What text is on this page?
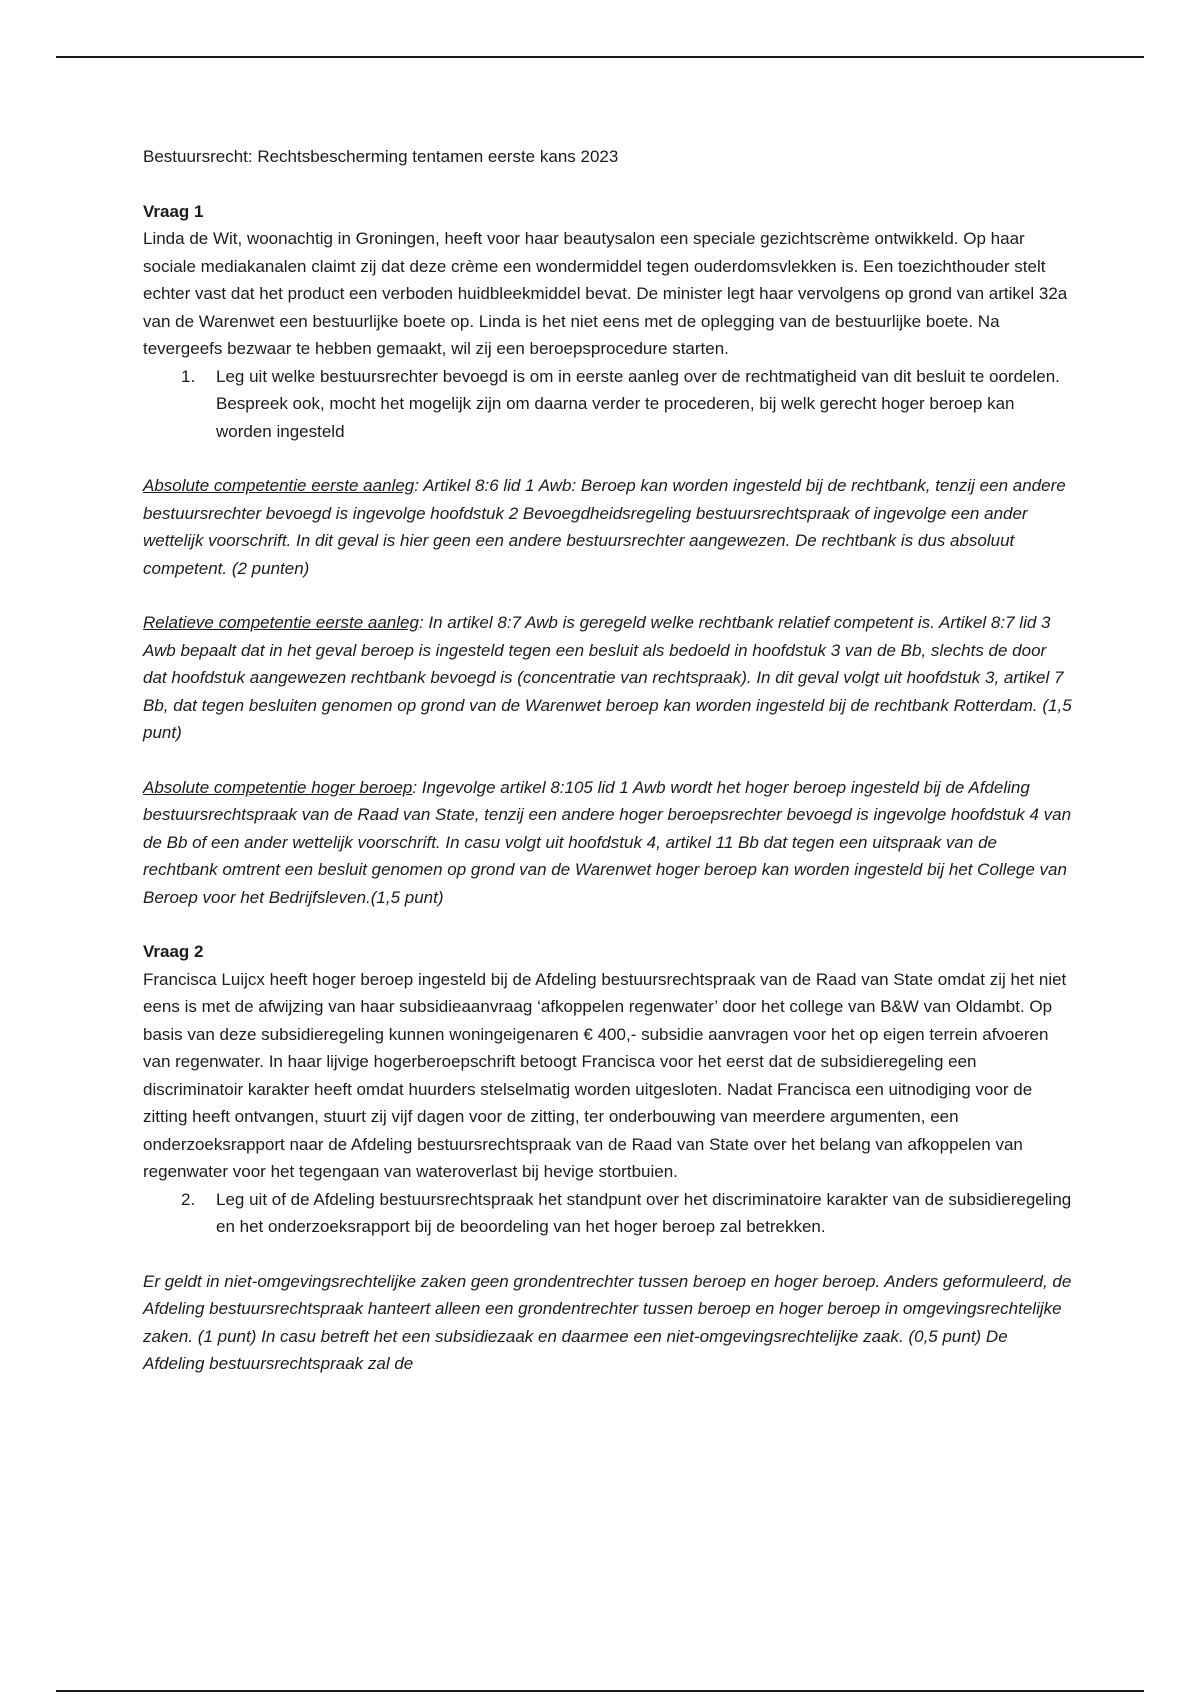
Bestuursrecht: Rechtsbescherming tentamen eerste kans 2023

Vraag 1

Linda de Wit, woonachtig in Groningen, heeft voor haar beautysalon een speciale gezichtscrème ontwikkeld. Op haar sociale mediakanalen claimt zij dat deze crème een wondermiddel tegen ouderdomsvlekken is. Een toezichthouder stelt echter vast dat het product een verboden huidbleekmiddel bevat. De minister legt haar vervolgens op grond van artikel 32a van de Warenwet een bestuurlijke boete op. Linda is het niet eens met de oplegging van de bestuurlijke boete. Na tevergeefs bezwaar te hebben gemaakt, wil zij een beroepsprocedure starten.

1. Leg uit welke bestuursrechter bevoegd is om in eerste aanleg over de rechtmatigheid van dit besluit te oordelen. Bespreek ook, mocht het mogelijk zijn om daarna verder te procederen, bij welk gerecht hoger beroep kan worden ingesteld

Absolute competentie eerste aanleg: Artikel 8:6 lid 1 Awb: Beroep kan worden ingesteld bij de rechtbank, tenzij een andere bestuursrechter bevoegd is ingevolge hoofdstuk 2 Bevoegdheidsregeling bestuursrechtspraak of ingevolge een ander wettelijk voorschrift. In dit geval is hier geen een andere bestuursrechter aangewezen. De rechtbank is dus absoluut competent. (2 punten)

Relatieve competentie eerste aanleg: In artikel 8:7 Awb is geregeld welke rechtbank relatief competent is. Artikel 8:7 lid 3 Awb bepaalt dat in het geval beroep is ingesteld tegen een besluit als bedoeld in hoofdstuk 3 van de Bb, slechts de door dat hoofdstuk aangewezen rechtbank bevoegd is (concentratie van rechtspraak). In dit geval volgt uit hoofdstuk 3, artikel 7 Bb, dat tegen besluiten genomen op grond van de Warenwet beroep kan worden ingesteld bij de rechtbank Rotterdam. (1,5 punt)

Absolute competentie hoger beroep: Ingevolge artikel 8:105 lid 1 Awb wordt het hoger beroep ingesteld bij de Afdeling bestuursrechtspraak van de Raad van State, tenzij een andere hoger beroepsrechter bevoegd is ingevolge hoofdstuk 4 van de Bb of een ander wettelijk voorschrift. In casu volgt uit hoofdstuk 4, artikel 11 Bb dat tegen een uitspraak van de rechtbank omtrent een besluit genomen op grond van de Warenwet hoger beroep kan worden ingesteld bij het College van Beroep voor het Bedrijfsleven.(1,5 punt)

Vraag 2

Francisca Luijcx heeft hoger beroep ingesteld bij de Afdeling bestuursrechtspraak van de Raad van State omdat zij het niet eens is met de afwijzing van haar subsidieaanvraag ‘afkoppelen regenwater’ door het college van B&W van Oldambt. Op basis van deze subsidieregeling kunnen woningeigenaren € 400,- subsidie aanvragen voor het op eigen terrein afvoeren van regenwater. In haar lijvige hogerberoepschrift betoogt Francisca voor het eerst dat de subsidieregeling een discriminatoir karakter heeft omdat huurders stelselmatig worden uitgesloten. Nadat Francisca een uitnodiging voor de zitting heeft ontvangen, stuurt zij vijf dagen voor de zitting, ter onderbouwing van meerdere argumenten, een onderzoeksrapport naar de Afdeling bestuursrechtspraak van de Raad van State over het belang van afkoppelen van regenwater voor het tegengaan van wateroverlast bij hevige stortbuien.

2. Leg uit of de Afdeling bestuursrechtspraak het standpunt over het discriminatoire karakter van de subsidieregeling en het onderzoeksrapport bij de beoordeling van het hoger beroep zal betrekken.

Er geldt in niet-omgevingsrechtelijke zaken geen grondentrechter tussen beroep en hoger beroep. Anders geformuleerd, de Afdeling bestuursrechtspraak hanteert alleen een grondentrechter tussen beroep en hoger beroep in omgevingsrechtelijke zaken. (1 punt) In casu betreft het een subsidiezaak en daarmee een niet-omgevingsrechtelijke zaak. (0,5 punt) De Afdeling bestuursrechtspraak zal de
